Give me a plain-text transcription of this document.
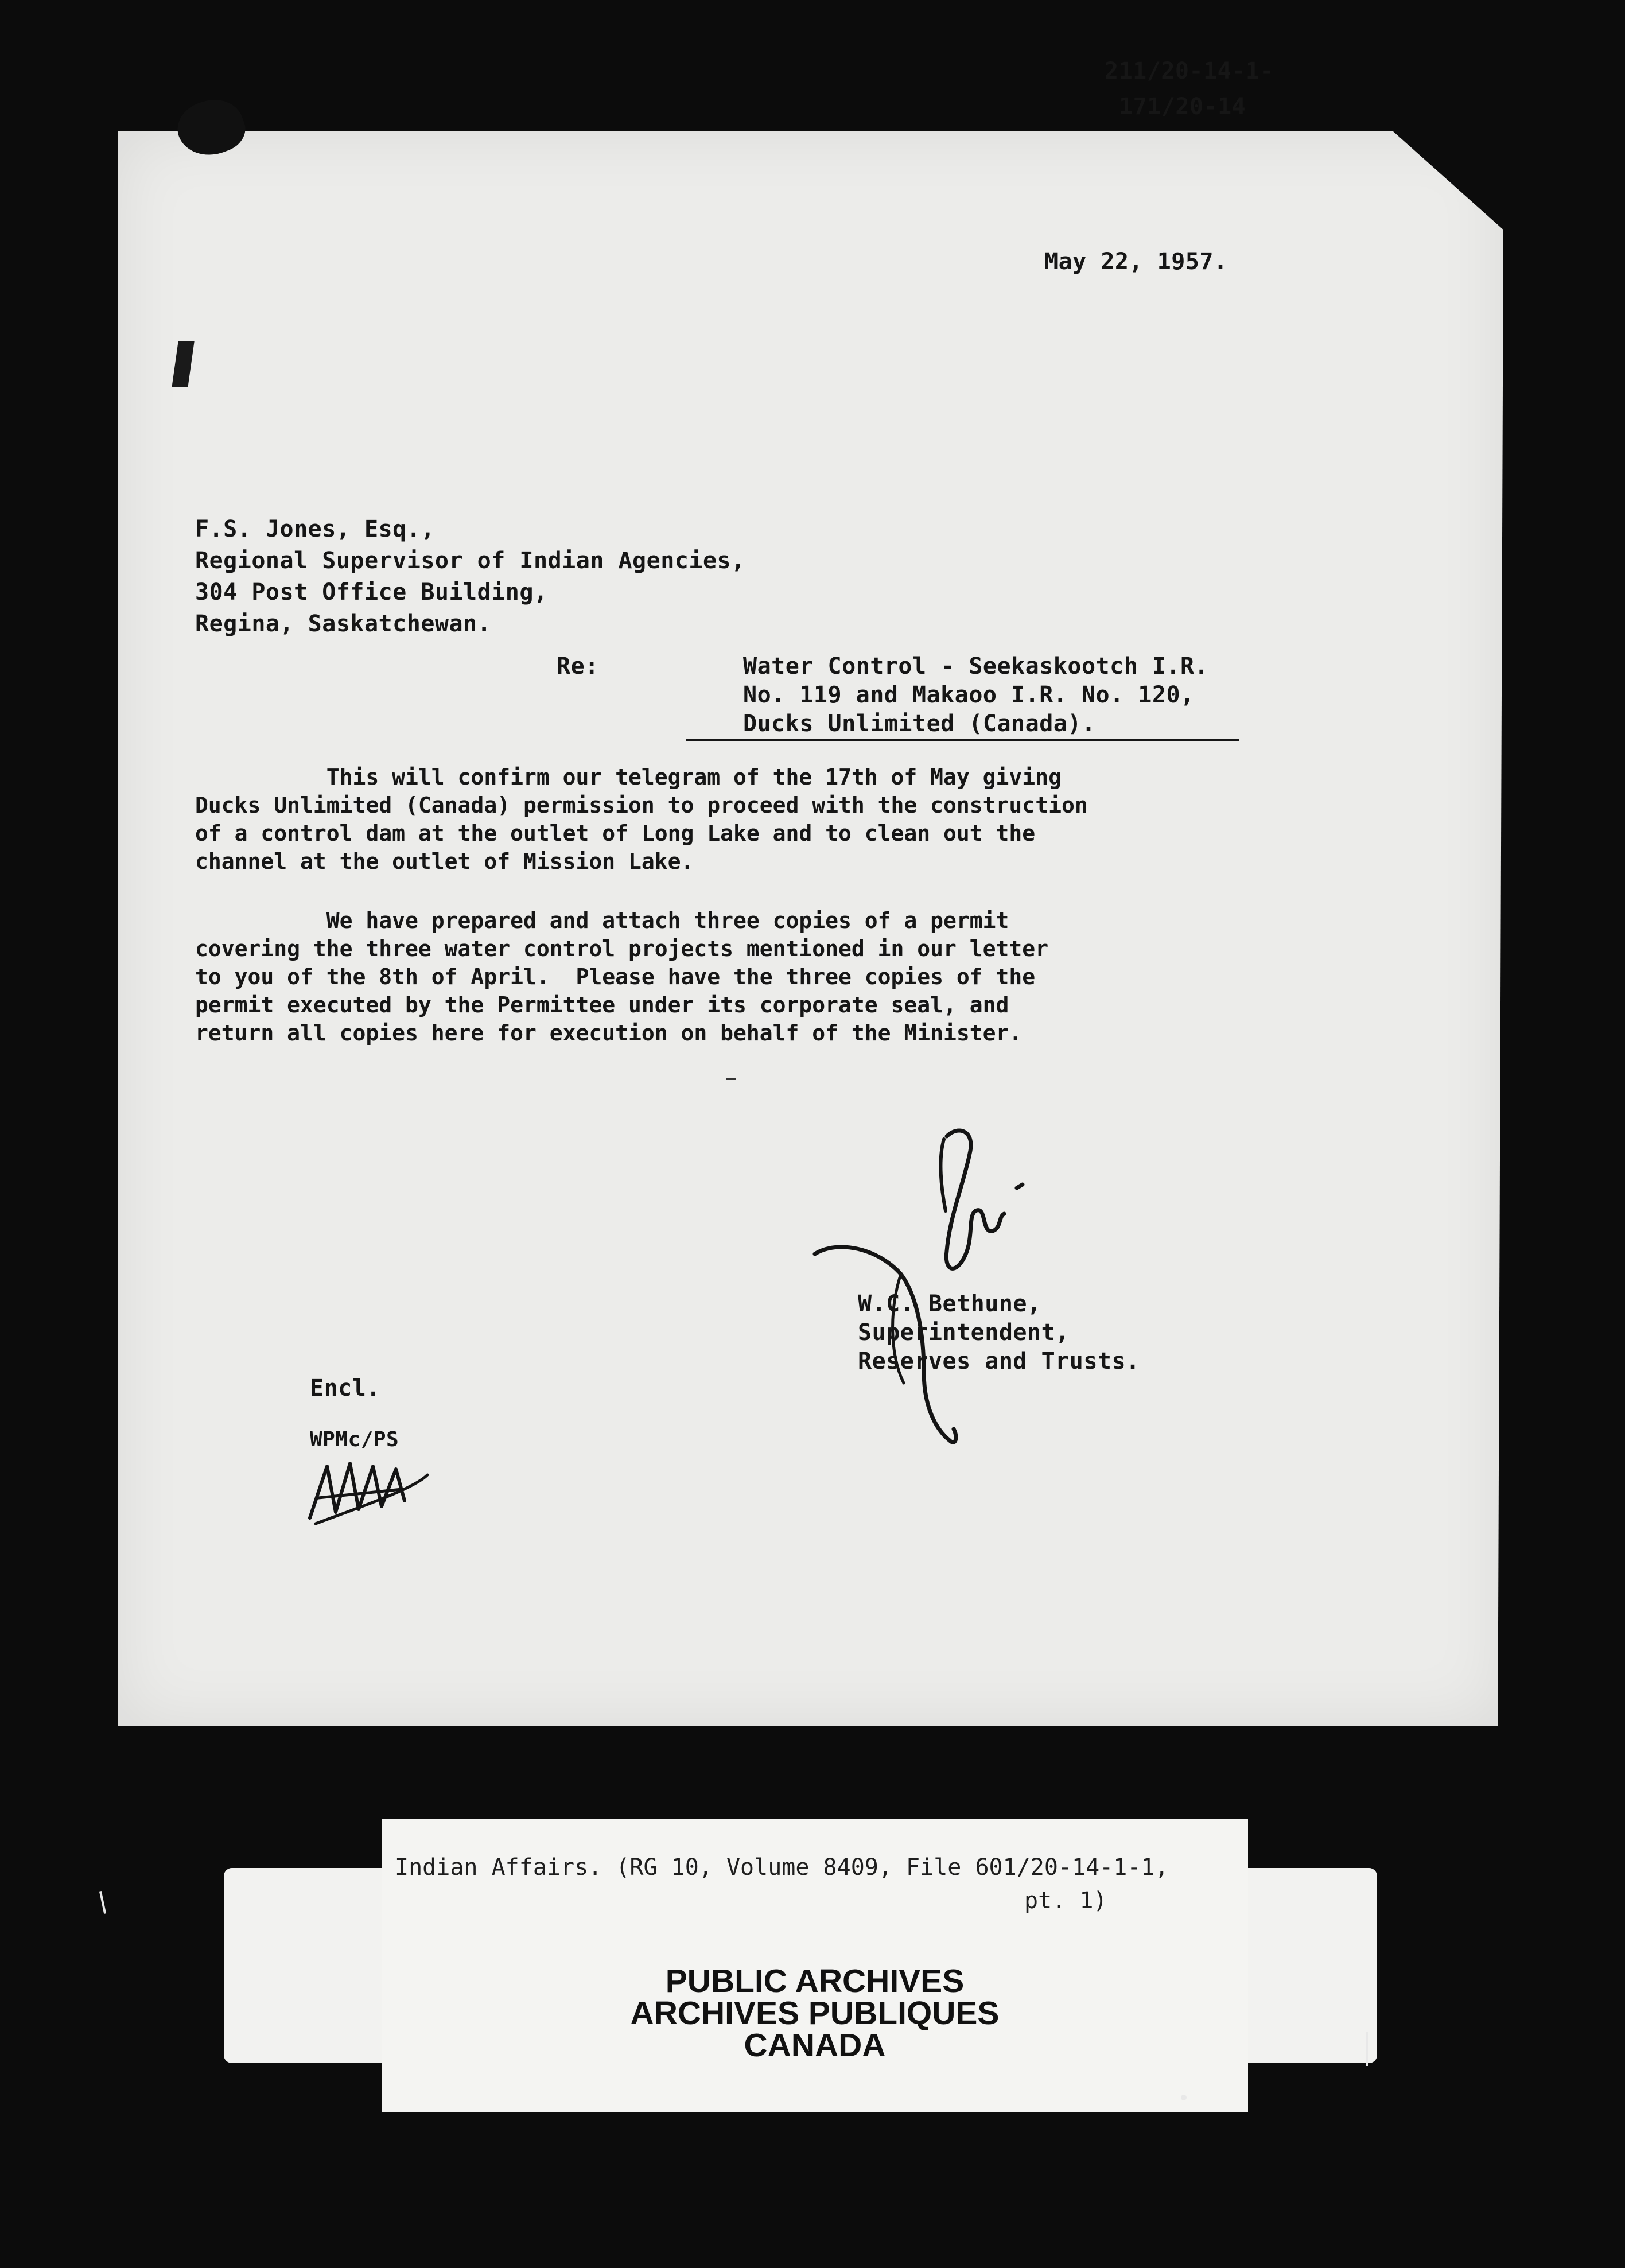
211/20-14-1-
171/20-14
May 22, 1957.
F.S. Jones, Esq.,
Regional Supervisor of Indian Agencies,
304 Post Office Building,
Regina, Saskatchewan.
Re:	Water Control - Seekaskootch I.R.
No. 119 and Makaoo I.R. No. 120,
Ducks Unlimited (Canada).
This will confirm our telegram of the 17th of May giving
Ducks Unlimited (Canada) permission to proceed with the construction
of a control dam at the outlet of Long Lake and to clean out the
channel at the outlet of Mission Lake.
We have prepared and attach three copies of a permit
covering the three water control projects mentioned in our letter
to you of the 8th of April.  Please have the three copies of the
permit executed by the Permittee under its corporate seal, and
return all copies here for execution on behalf of the Minister.
W.C. Bethune,
Superintendent,
Reserves and Trusts.
Encl.
WPMc/PS
Indian Affairs. (RG 10, Volume 8409, File 601/20-14-1-1,
pt. 1)
PUBLIC ARCHIVES
ARCHIVES PUBLIQUES
CANADA
